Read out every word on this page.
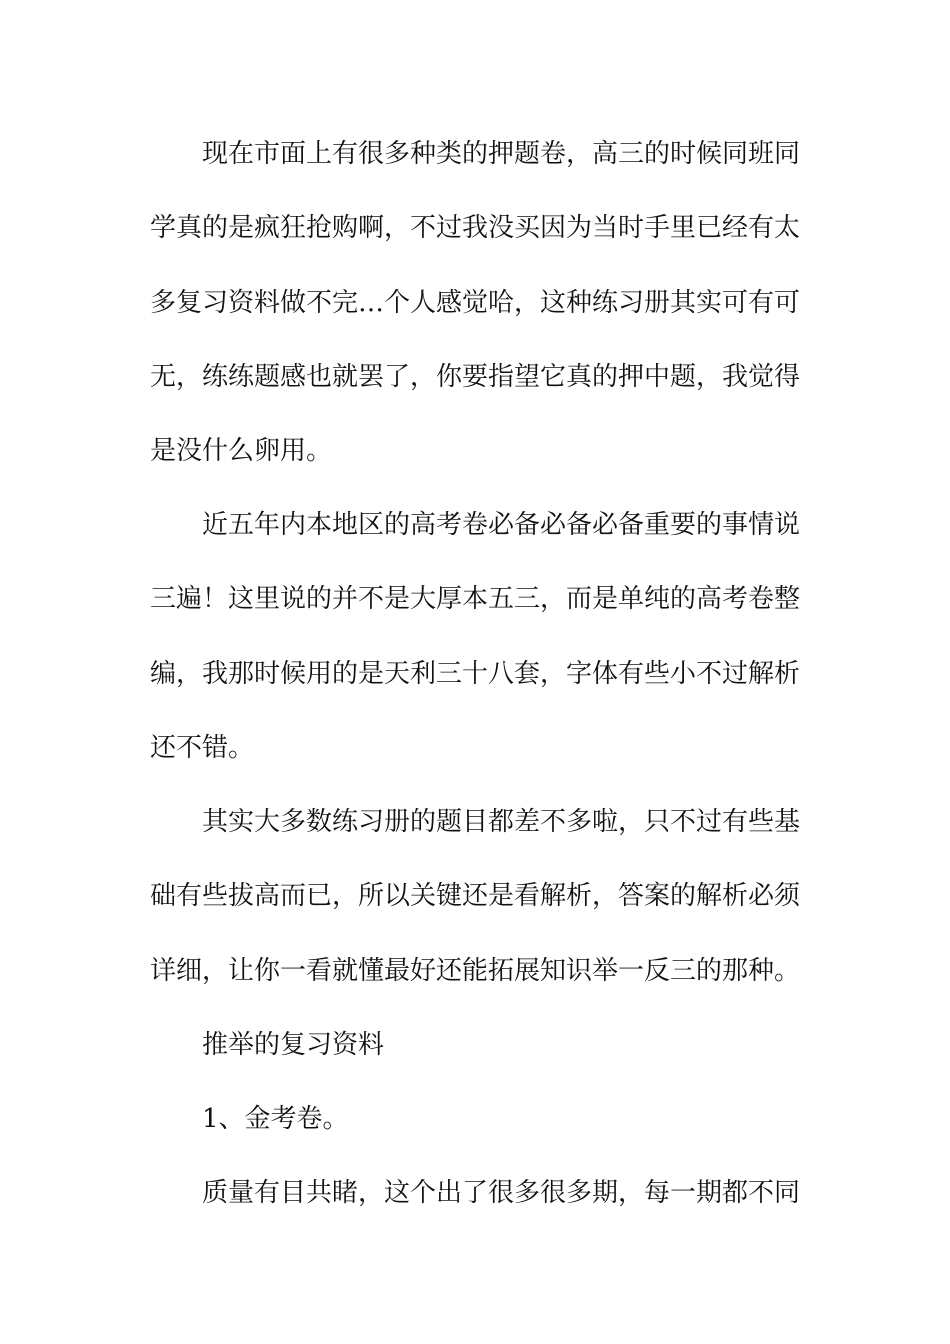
现在市面上有很多种类的押题卷，高三的时候同班同
学真的是疯狂抢购啊，不过我没买因为当时手里已经有太
多复习资料做不完…个人感觉哈，这种练习册其实可有可
无，练练题感也就罢了，你要指望它真的押中题，我觉得
是没什么卵用。
近五年内本地区的高考卷必备必备必备重要的事情说
三遍！这里说的并不是大厚本五三，而是单纯的高考卷整
编，我那时候用的是天利三十八套，字体有些小不过解析
还不错。
其实大多数练习册的题目都差不多啦，只不过有些基
础有些拔高而已，所以关键还是看解析，答案的解析必须
详细，让你一看就懂最好还能拓展知识举一反三的那种。
推举的复习资料
1、金考卷。
质量有目共睹，这个出了很多很多期，每一期都不同
